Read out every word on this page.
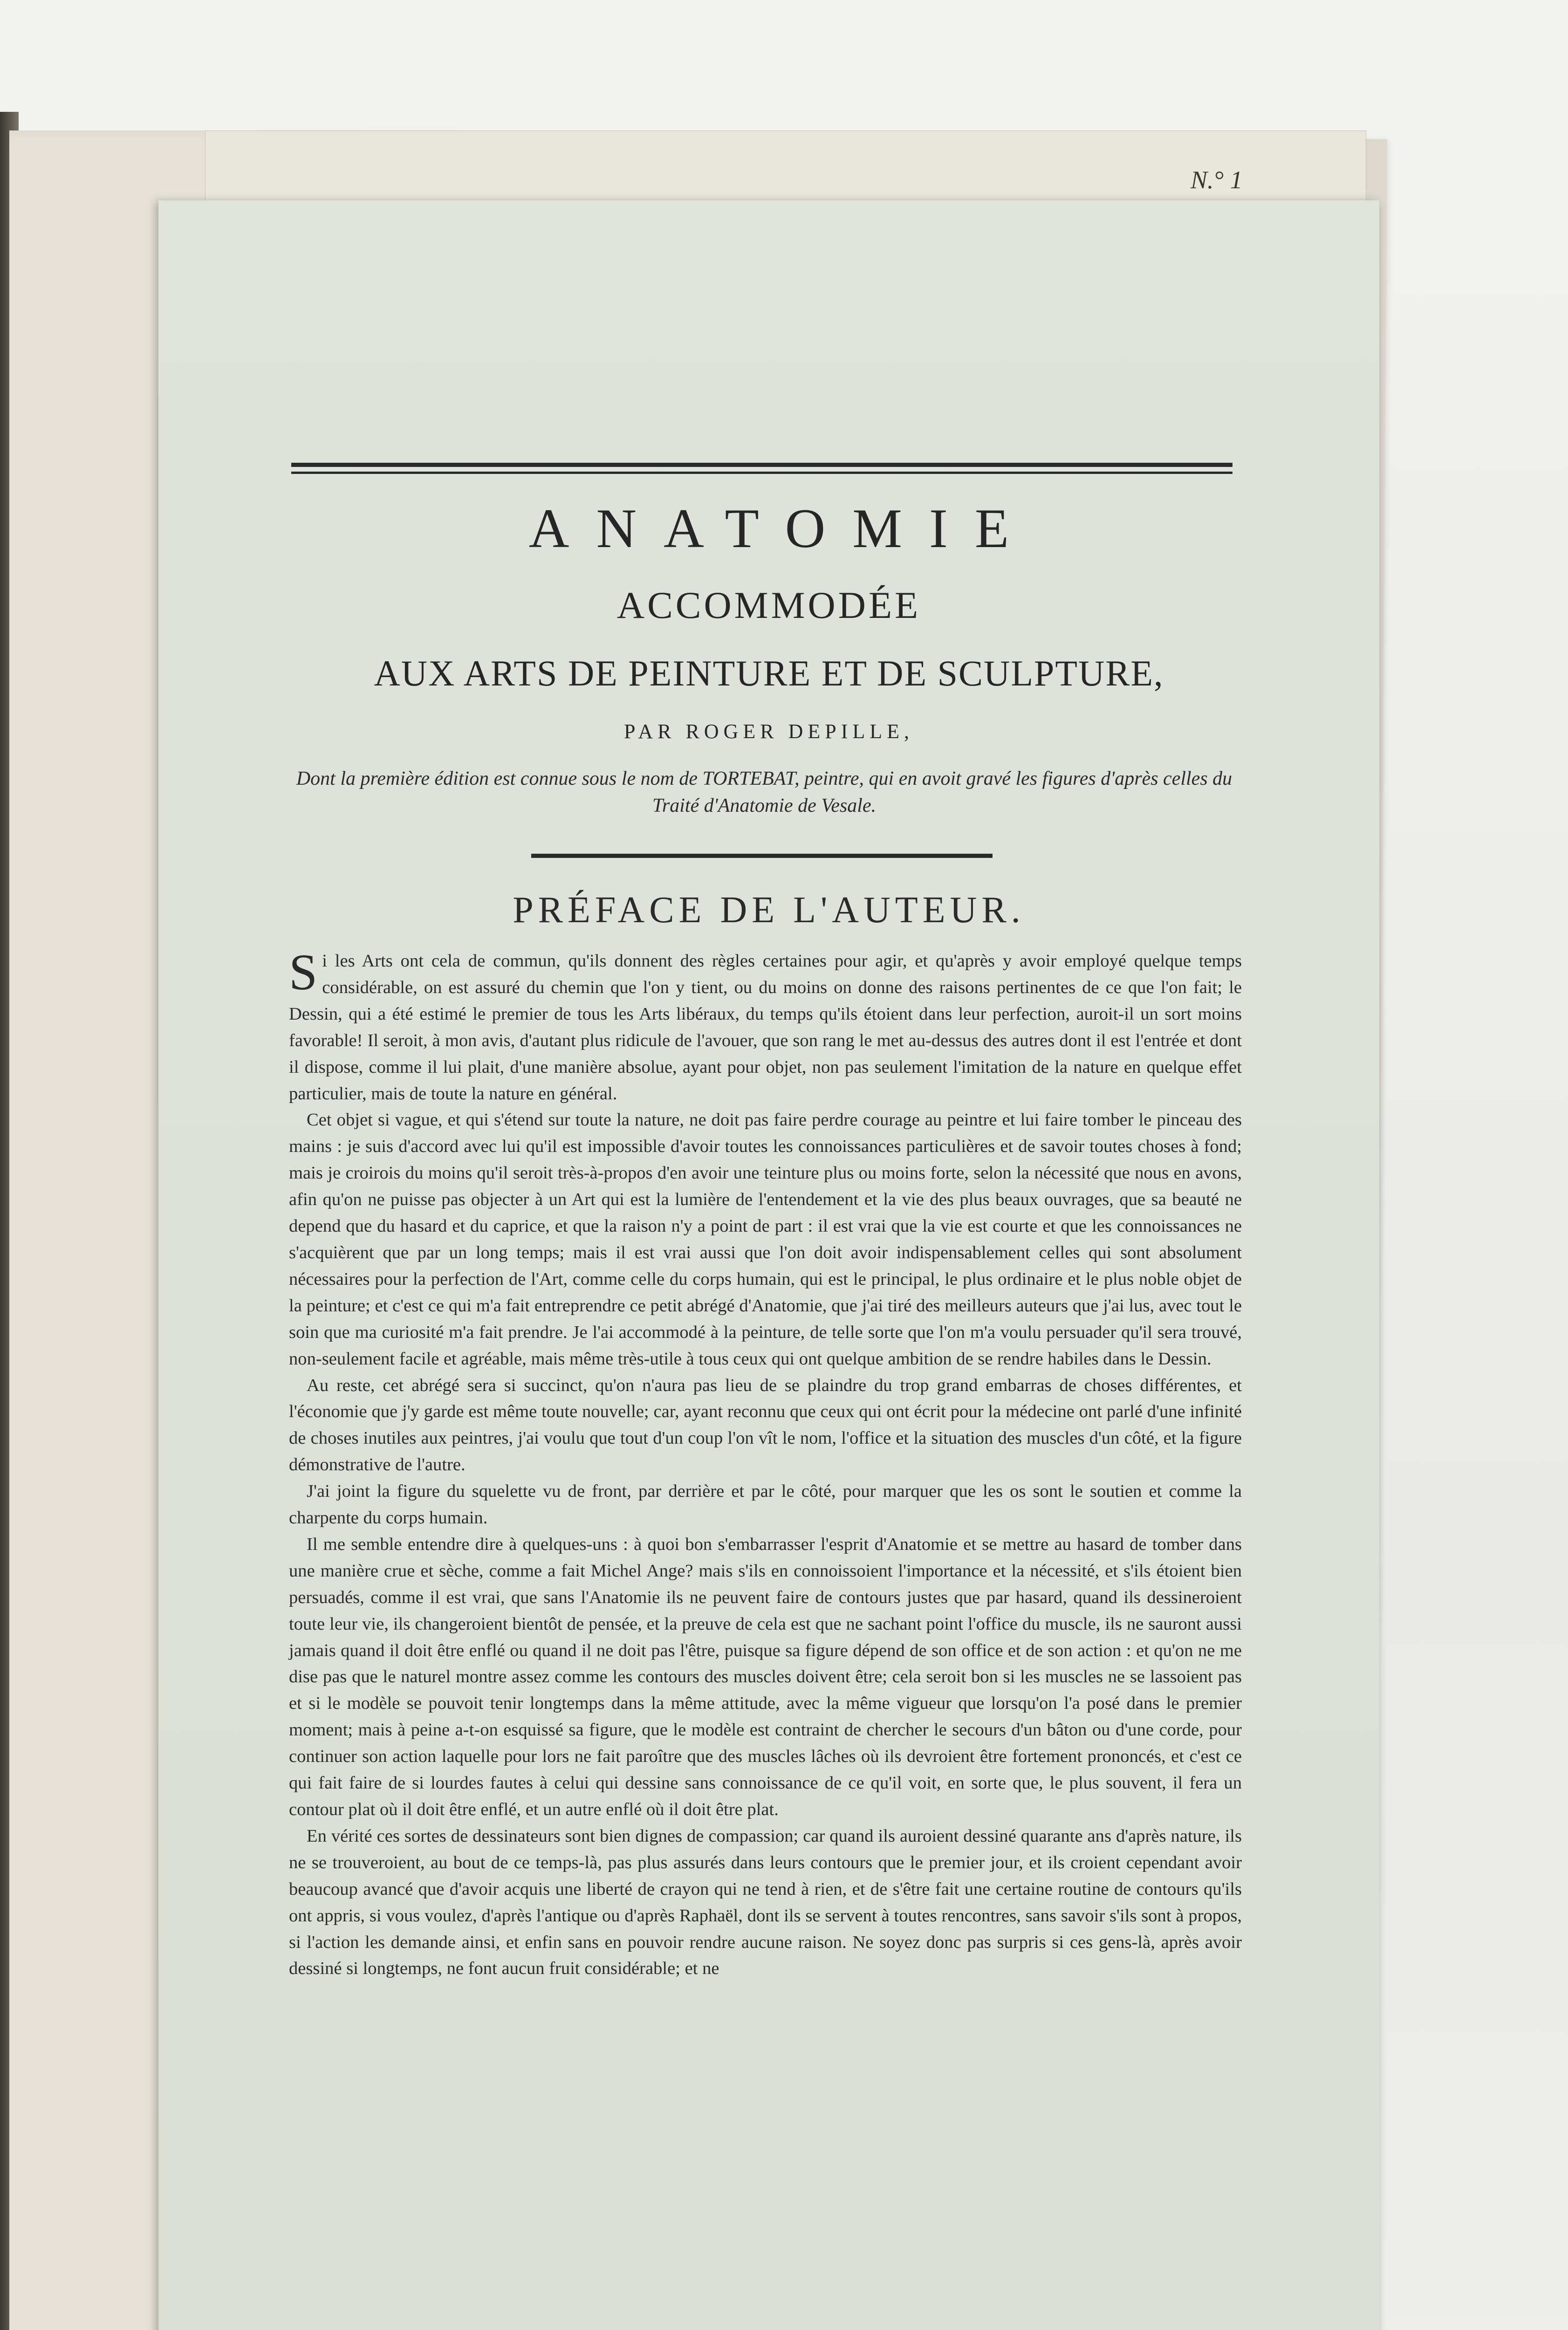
N.° 1
ANATOMIE
ACCOMMODÉE
AUX ARTS DE PEINTURE ET DE SCULPTURE,
PAR ROGER DEPILLE,
Dont la première édition est connue sous le nom de TORTEBAT, peintre, qui en avoit gravé les figures d'après celles du Traité d'Anatomie de Vesale.
PRÉFACE DE L'AUTEUR.

Si les Arts ont cela de commun, qu'ils donnent des règles certaines pour agir, et qu'après y avoir employé quelque temps considérable, on est assuré du chemin que l'on y tient, ou du moins on donne des raisons pertinentes de ce que l'on fait; le Dessin, qui a été estimé le premier de tous les Arts libéraux, du temps qu'ils étoient dans leur perfection, auroit-il un sort moins favorable! Il seroit, à mon avis, d'autant plus ridicule de l'avouer, que son rang le met au-dessus des autres dont il est l'entrée et dont il dispose, comme il lui plait, d'une manière absolue, ayant pour objet, non pas seulement l'imitation de la nature en quelque effet particulier, mais de toute la nature en général.

Cet objet si vague, et qui s'étend sur toute la nature, ne doit pas faire perdre courage au peintre et lui faire tomber le pinceau des mains : je suis d'accord avec lui qu'il est impossible d'avoir toutes les connoissances particulières et de savoir toutes choses à fond; mais je croirois du moins qu'il seroit très-à-propos d'en avoir une teinture plus ou moins forte, selon la nécessité que nous en avons, afin qu'on ne puisse pas objecter à un Art qui est la lumière de l'entendement et la vie des plus beaux ouvrages, que sa beauté ne depend que du hasard et du caprice, et que la raison n'y a point de part : il est vrai que la vie est courte et que les connoissances ne s'acquièrent que par un long temps; mais il est vrai aussi que l'on doit avoir indispensablement celles qui sont absolument nécessaires pour la perfection de l'Art, comme celle du corps humain, qui est le principal, le plus ordinaire et le plus noble objet de la peinture; et c'est ce qui m'a fait entreprendre ce petit abrégé d'Anatomie, que j'ai tiré des meilleurs auteurs que j'ai lus, avec tout le soin que ma curiosité m'a fait prendre. Je l'ai accommodé à la peinture, de telle sorte que l'on m'a voulu persuader qu'il sera trouvé, non-seulement facile et agréable, mais même très-utile à tous ceux qui ont quelque ambition de se rendre habiles dans le Dessin.

Au reste, cet abrégé sera si succinct, qu'on n'aura pas lieu de se plaindre du trop grand embarras de choses différentes, et l'économie que j'y garde est même toute nouvelle; car, ayant reconnu que ceux qui ont écrit pour la médecine ont parlé d'une infinité de choses inutiles aux peintres, j'ai voulu que tout d'un coup l'on vît le nom, l'office et la situation des muscles d'un côté, et la figure démonstrative de l'autre.

J'ai joint la figure du squelette vu de front, par derrière et par le côté, pour marquer que les os sont le soutien et comme la charpente du corps humain.

Il me semble entendre dire à quelques-uns : à quoi bon s'embarrasser l'esprit d'Anatomie et se mettre au hasard de tomber dans une manière crue et sèche, comme a fait Michel Ange? mais s'ils en connoissoient l'importance et la nécessité, et s'ils étoient bien persuadés, comme il est vrai, que sans l'Anatomie ils ne peuvent faire de contours justes que par hasard, quand ils dessineroient toute leur vie, ils changeroient bientôt de pensée, et la preuve de cela est que ne sachant point l'office du muscle, ils ne sauront aussi jamais quand il doit être enflé ou quand il ne doit pas l'être, puisque sa figure dépend de son office et de son action : et qu'on ne me dise pas que le naturel montre assez comme les contours des muscles doivent être; cela seroit bon si les muscles ne se lassoient pas et si le modèle se pouvoit tenir longtemps dans la même attitude, avec la même vigueur que lorsqu'on l'a posé dans le premier moment; mais à peine a-t-on esquissé sa figure, que le modèle est contraint de chercher le secours d'un bâton ou d'une corde, pour continuer son action laquelle pour lors ne fait paroître que des muscles lâches où ils devroient être fortement prononcés, et c'est ce qui fait faire de si lourdes fautes à celui qui dessine sans connoissance de ce qu'il voit, en sorte que, le plus souvent, il fera un contour plat où il doit être enflé, et un autre enflé où il doit être plat.

En vérité ces sortes de dessinateurs sont bien dignes de compassion; car quand ils auroient dessiné quarante ans d'après nature, ils ne se trouveroient, au bout de ce temps-là, pas plus assurés dans leurs contours que le premier jour, et ils croient cependant avoir beaucoup avancé que d'avoir acquis une liberté de crayon qui ne tend à rien, et de s'être fait une certaine routine de contours qu'ils ont appris, si vous voulez, d'après l'antique ou d'après Raphaël, dont ils se servent à toutes rencontres, sans savoir s'ils sont à propos, si l'action les demande ainsi, et enfin sans en pouvoir rendre aucune raison. Ne soyez donc pas surpris si ces gens-là, après avoir dessiné si longtemps, ne font aucun fruit considérable; et ne
